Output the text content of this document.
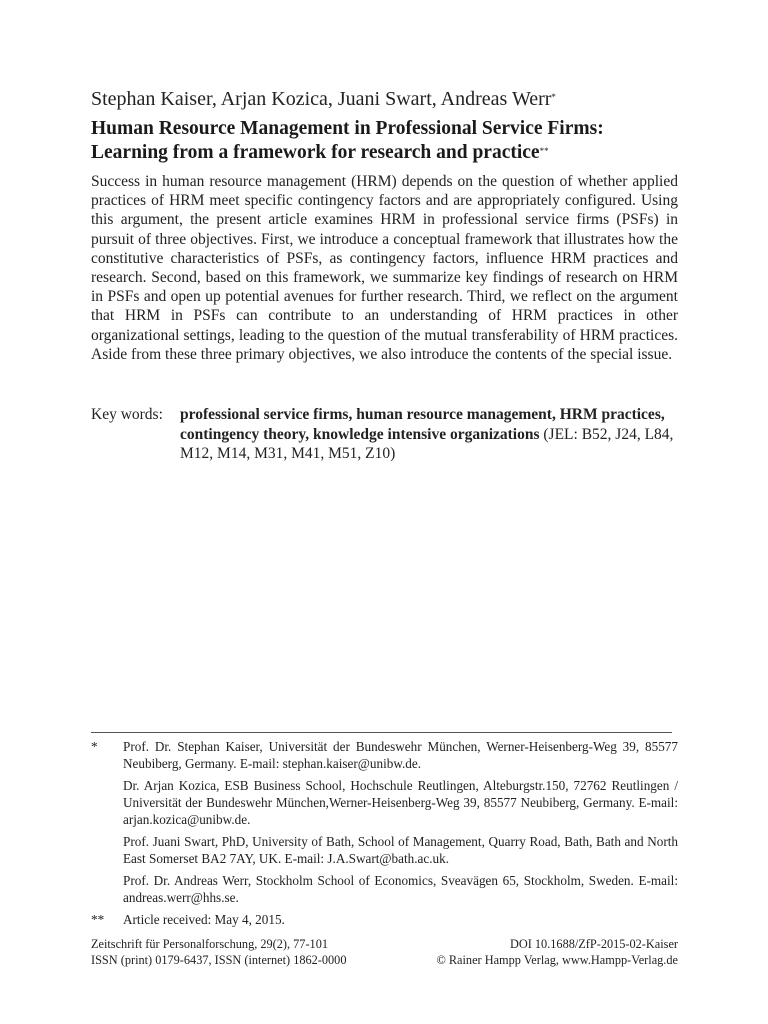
Stephan Kaiser, Arjan Kozica, Juani Swart, Andreas Werr*
Human Resource Management in Professional Service Firms:
Learning from a framework for research and practice**
Success in human resource management (HRM) depends on the question of whether applied practices of HRM meet specific contingency factors and are appropriately configured. Using this argument, the present article examines HRM in professional service firms (PSFs) in pursuit of three objectives. First, we introduce a conceptual framework that illustrates how the constitutive characteristics of PSFs, as contingency factors, influence HRM practices and research. Second, based on this framework, we summarize key findings of research on HRM in PSFs and open up potential avenues for further research. Third, we reflect on the argument that HRM in PSFs can contribute to an understanding of HRM practices in other organizational settings, leading to the question of the mutual transferability of HRM practices. Aside from these three primary objectives, we also introduce the contents of the special issue.
Key words: professional service firms, human resource management, HRM practices, contingency theory, knowledge intensive organizations (JEL: B52, J24, L84, M12, M14, M31, M41, M51, Z10)
* Prof. Dr. Stephan Kaiser, Universität der Bundeswehr München, Werner-Heisenberg-Weg 39, 85577 Neubiberg, Germany. E-mail: stephan.kaiser@unibw.de.
Dr. Arjan Kozica, ESB Business School, Hochschule Reutlingen, Alteburgstr.150, 72762 Reutlingen / Universität der Bundeswehr München,Werner-Heisenberg-Weg 39, 85577 Neubiberg, Germany. E-mail: arjan.kozica@unibw.de.
Prof. Juani Swart, PhD, University of Bath, School of Management, Quarry Road, Bath, Bath and North East Somerset BA2 7AY, UK. E-mail: J.A.Swart@bath.ac.uk.
Prof. Dr. Andreas Werr, Stockholm School of Economics, Sveavägen 65, Stockholm, Sweden. E-mail: andreas.werr@hhs.se.
** Article received: May 4, 2015.
Zeitschrift für Personalforschung, 29(2), 77-101	DOI 10.1688/ZfP-2015-02-Kaiser
ISSN (print) 0179-6437, ISSN (internet) 1862-0000	© Rainer Hampp Verlag, www.Hampp-Verlag.de
